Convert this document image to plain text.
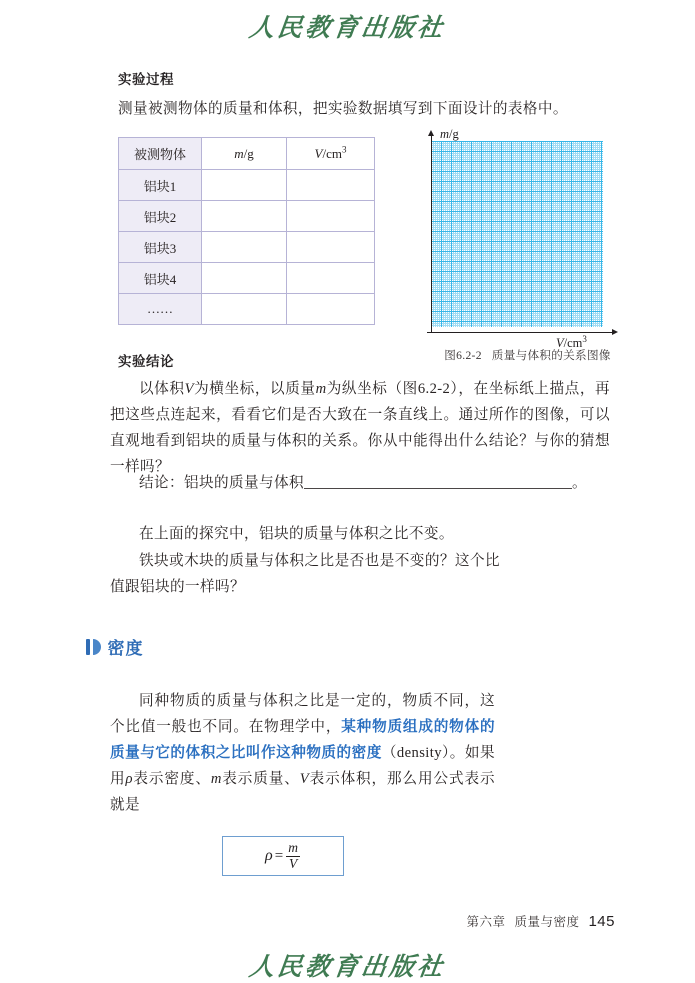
人民教育出版社
实验过程
测量被测物体的质量和体积，把实验数据填写到下面设计的表格中。
被测物体	m/g	$V/cm^3$
铝块1		
铝块2		
铝块3		
铝块4		
……		
m/g
$V/cm^3$
图6.2-2 质量与体积的关系图像
实验结论
以体积V为横坐标，以质量m为纵坐标（图6.2-2），在坐标纸上描点，再把这些点连起来，看看它们是否大致在一条直线上。通过所作的图像，可以直观地看到铝块的质量与体积的关系。你从中能得出什么结论？与你的猜想一样吗？
结论：铝块的质量与体积	。
在上面的探究中，铝块的质量与体积之比不变。
铁块或木块的质量与体积之比是否也是不变的？这个比值跟铝块的一样吗？
密度
同种物质的质量与体积之比是一定的，物质不同，这个比值一般也不同。在物理学中，某种物质组成的物体的质量与它的体积之比叫作这种物质的密度（density）。如果用ρ表示密度、m表示质量、V表示体积，那么用公式表示就是
$\rho = \frac{m}{V}$
第六章 质量与密度 145
人民教育出版社
